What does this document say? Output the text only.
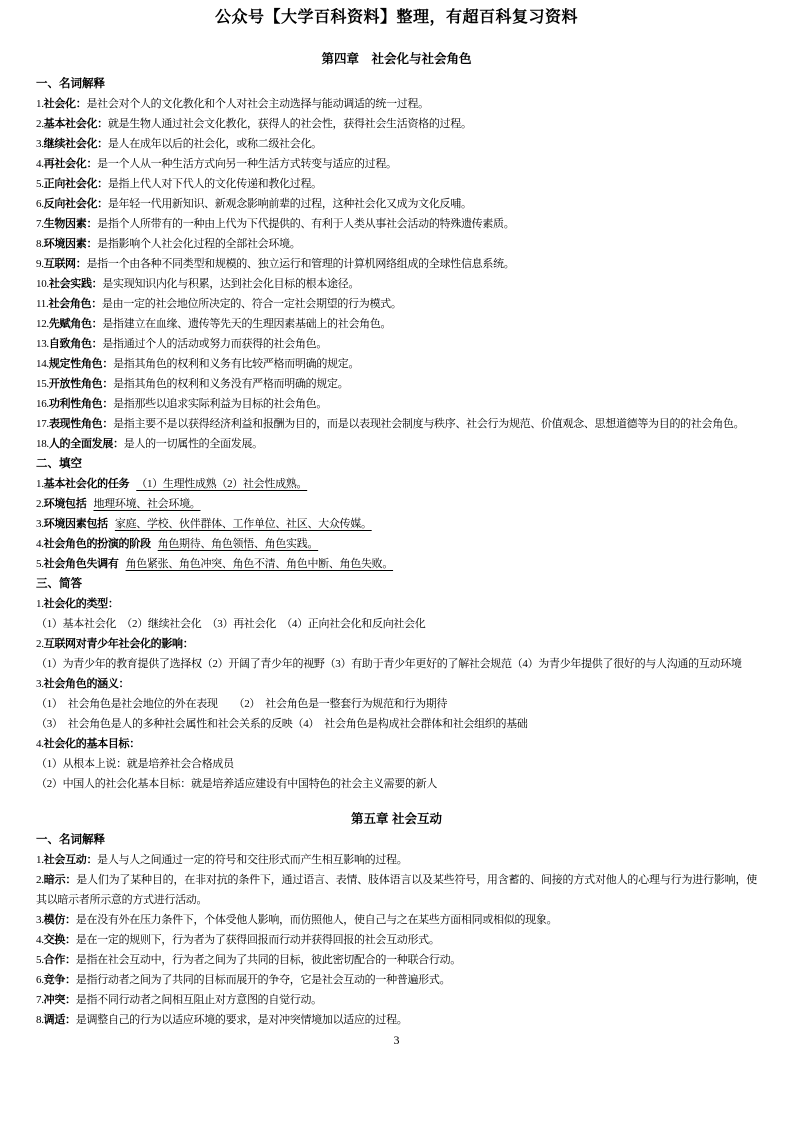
公众号【大学百科资料】整理，有超百科复习资料

第四章　社会化与社会角色

一、名词解释

1.社会化：是社会对个人的文化教化和个人对社会主动选择与能动调适的统一过程。

2.基本社会化：就是生物人通过社会文化教化，获得人的社会性，获得社会生活资格的过程。

3.继续社会化：是人在成年以后的社会化，或称二级社会化。

4.再社会化：是一个人从一种生活方式向另一种生活方式转变与适应的过程。

5.正向社会化：是指上代人对下代人的文化传递和教化过程。

6.反向社会化：是年轻一代用新知识、新观念影响前辈的过程，这种社会化又成为文化反哺。

7.生物因素：是指个人所带有的一种由上代为下代提供的、有利于人类从事社会活动的特殊遗传素质。

8.环境因素：是指影响个人社会化过程的全部社会环境。

9.互联网：是指一个由各种不同类型和规模的、独立运行和管理的计算机网络组成的全球性信息系统。

10.社会实践：是实现知识内化与积累，达到社会化目标的根本途径。

11.社会角色：是由一定的社会地位所决定的、符合一定社会期望的行为模式。

12.先赋角色：是指建立在血缘、遗传等先天的生理因素基础上的社会角色。

13.自致角色：是指通过个人的活动或努力而获得的社会角色。

14.规定性角色：是指其角色的权利和义务有比较严格而明确的规定。

15.开放性角色：是指其角色的权利和义务没有严格而明确的规定。

16.功利性角色：是指那些以追求实际利益为目标的社会角色。

17.表现性角色：是指主要不是以获得经济利益和报酬为目的，而是以表现社会制度与秩序、社会行为规范、价值观念、思想道德等为目的的社会角色。

18.人的全面发展：是人的一切属性的全面发展。

二、填空

1.基本社会化的任务 （1）生理性成熟（2）社会性成熟。

2.环境包括 地理环境、社会环境。

3.环境因素包括 家庭、学校、伙伴群体、工作单位、社区、大众传媒。

4.社会角色的扮演的阶段 角色期待、角色领悟、角色实践。

5.社会角色失调有 角色紧张、角色冲突、角色不清、角色中断、角色失败。

三、简答

1.社会化的类型：

（1）基本社会化　（2）继续社会化　（3）再社会化　（4）正向社会化和反向社会化

2.互联网对青少年社会化的影响：

（1）为青少年的教育提供了选择权（2）开阔了青少年的视野（3）有助于青少年更好的了解社会规范（4）为青少年提供了很好的与人沟通的互动环境

3.社会角色的涵义：

（1）　社会角色是社会地位的外在表现　　（2）　社会角色是一整套行为规范和行为期待

（3）　社会角色是人的多种社会属性和社会关系的反映（4）　社会角色是构成社会群体和社会组织的基础

4.社会化的基本目标：

（1）从根本上说：就是培养社会合格成员

（2）中国人的社会化基本目标：就是培养适应建设有中国特色的社会主义需要的新人

第五章 社会互动

一、名词解释

1.社会互动：是人与人之间通过一定的符号和交往形式而产生相互影响的过程。

2.暗示：是人们为了某种目的，在非对抗的条件下，通过语言、表情、肢体语言以及某些符号，用含蓄的、间接的方式对他人的心理与行为进行影响，使其以暗示者所示意的方式进行活动。

3.模仿：是在没有外在压力条件下，个体受他人影响，而仿照他人，使自己与之在某些方面相同或相似的现象。

4.交换：是在一定的规则下，行为者为了获得回报而行动并获得回报的社会互动形式。

5.合作：是指在社会互动中，行为者之间为了共同的目标，彼此密切配合的一种联合行动。

6.竞争：是指行动者之间为了共同的目标而展开的争夺，它是社会互动的一种普遍形式。

7.冲突：是指不同行动者之间相互阻止对方意图的自觉行动。

8.调适：是调整自己的行为以适应环境的要求，是对冲突情境加以适应的过程。

3
